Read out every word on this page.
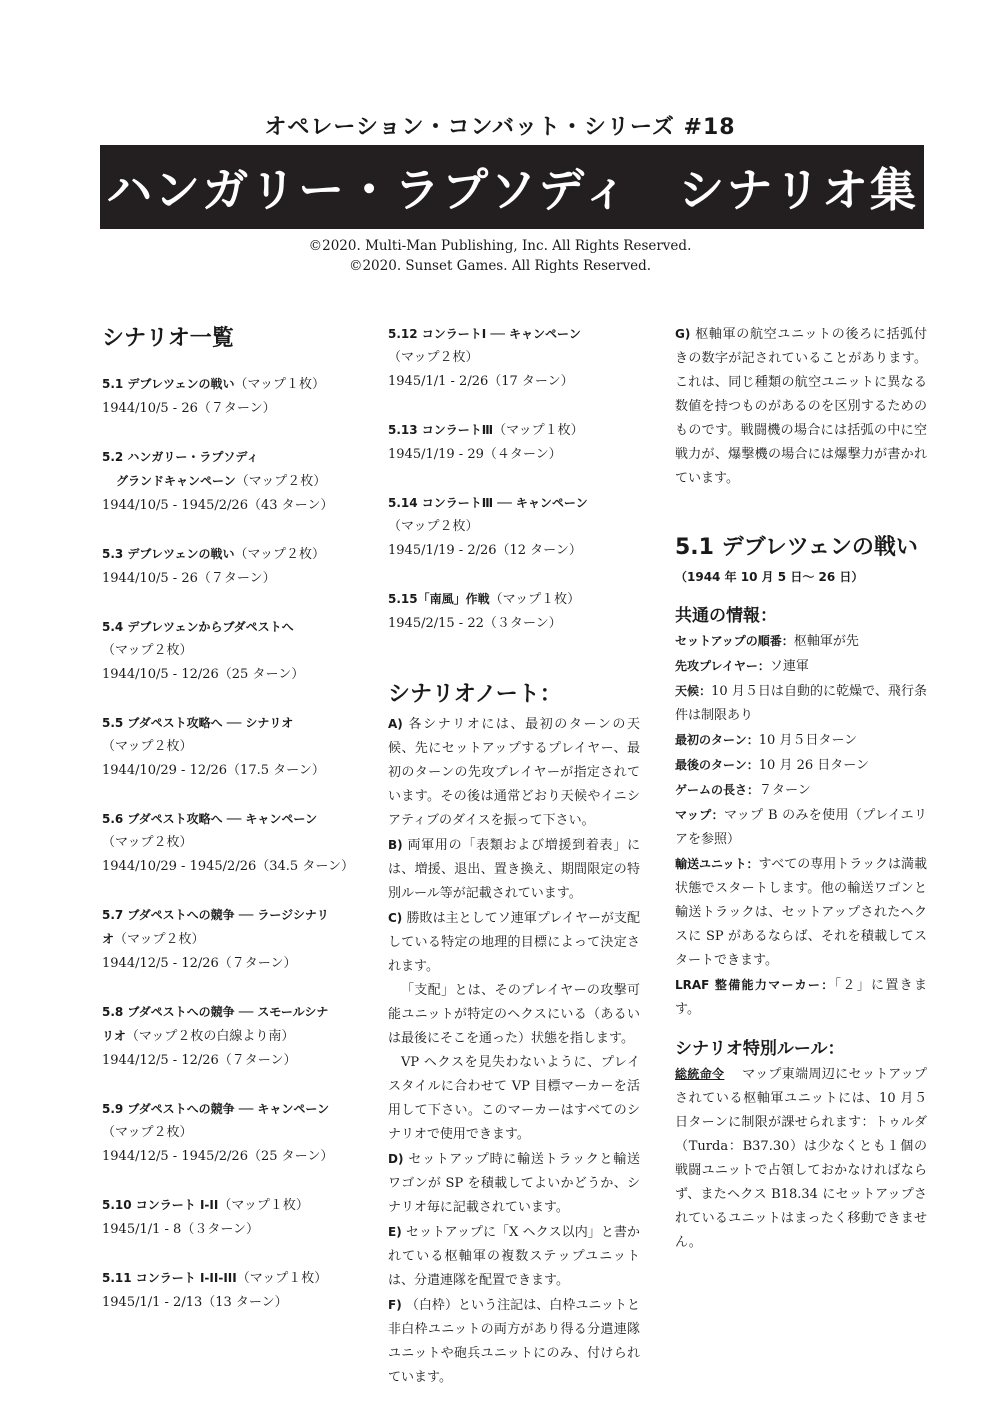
オペレーション・コンバット・シリーズ #18
ハンガリー・ラプソディ　シナリオ集
©2020. Multi-Man Publishing, Inc. All Rights Reserved.
©2020. Sunset Games. All Rights Reserved.
シナリオ一覧

5.1 デブレツェンの戦い（マップ１枚）

1944/10/5 - 26（７ターン）

5.2 ハンガリー・ラプソディ

グランドキャンペーン（マップ２枚）

1944/10/5 - 1945/2/26（43 ターン）

5.3 デブレツェンの戦い（マップ２枚）

1944/10/5 - 26（７ターン）

5.4 デブレツェンからブダペストへ

（マップ２枚）

1944/10/5 - 12/26（25 ターン）

5.5 ブダペスト攻略へ ── シナリオ

（マップ２枚）

1944/10/29 - 12/26（17.5 ターン）

5.6 ブダペスト攻略へ ── キャンペーン

（マップ２枚）

1944/10/29 - 1945/2/26（34.5 ターン）

5.7 ブダペストへの競争 ── ラージシナリ

オ（マップ２枚）

1944/12/5 - 12/26（７ターン）

5.8 ブダペストへの競争 ── スモールシナ

リオ（マップ２枚の白線より南）

1944/12/5 - 12/26（７ターン）

5.9 ブダペストへの競争 ── キャンペーン

（マップ２枚）

1944/12/5 - 1945/2/26（25 ターン）

5.10 コンラート I-II（マップ１枚）

1945/1/1 - 8（３ターン）

5.11 コンラート I-II-III（マップ１枚）

1945/1/1 - 2/13（13 ターン）

5.12 コンラートⅠ ── キャンペーン

（マップ２枚）

1945/1/1 - 2/26（17 ターン）

5.13 コンラートⅢ（マップ１枚）

1945/1/19 - 29（４ターン）

5.14 コンラートⅢ ── キャンペーン

（マップ２枚）

1945/1/19 - 2/26（12 ターン）

5.15「南風」作戦（マップ１枚）

1945/2/15 - 22（３ターン）

シナリオノート：

A) 各シナリオには、最初のターンの天候、先にセットアップするプレイヤー、最初のターンの先攻プレイヤーが指定されています。その後は通常どおり天候やイニシアティブのダイスを振って下さい。

B) 両軍用の「表類および増援到着表」には、増援、退出、置き換え、期間限定の特別ルール等が記載されています。

C) 勝敗は主としてソ連軍プレイヤーが支配している特定の地理的目標によって決定されます。

「支配」とは、そのプレイヤーの攻撃可能ユニットが特定のヘクスにいる（あるいは最後にそこを通った）状態を指します。

VP ヘクスを見失わないように、プレイスタイルに合わせて VP 目標マーカーを活用して下さい。このマーカーはすべてのシナリオで使用できます。

D) セットアップ時に輸送トラックと輸送ワゴンが SP を積載してよいかどうか、シナリオ毎に記載されています。

E) セットアップに「X ヘクス以内」と書かれている枢軸軍の複数ステップユニットは、分遣連隊を配置できます。

F) （白枠）という注記は、白枠ユニットと非白枠ユニットの両方があり得る分遣連隊ユニットや砲兵ユニットにのみ、付けられています。

G) 枢軸軍の航空ユニットの後ろに括弧付きの数字が記されていることがあります。これは、同じ種類の航空ユニットに異なる数値を持つものがあるのを区別するためのものです。戦闘機の場合には括弧の中に空戦力が、爆撃機の場合には爆撃力が書かれています。

5.1 デブレツェンの戦い

（1944 年 10 月 5 日～ 26 日）

共通の情報：

セットアップの順番：枢軸軍が先

先攻プレイヤー：ソ連軍

天候：10 月５日は自動的に乾燥で、飛行条件は制限あり

最初のターン：10 月５日ターン

最後のターン：10 月 26 日ターン

ゲームの長さ：７ターン

マップ：マップ B のみを使用（プレイエリアを参照）

輸送ユニット：すべての専用トラックは満載状態でスタートします。他の輸送ワゴンと輸送トラックは、セットアップされたヘクスに SP があるならば、それを積載してスタートできます。

LRAF 整備能力マーカー：「２」に置きます。

シナリオ特別ルール：

総統命令　 マップ東端周辺にセットアップされている枢軸軍ユニットには、10 月５日ターンに制限が課せられます：トゥルダ（Turda：B37.30）は少なくとも１個の戦闘ユニットで占領しておかなければならず、またヘクス B18.34 にセットアップされているユニットはまったく移動できません。
